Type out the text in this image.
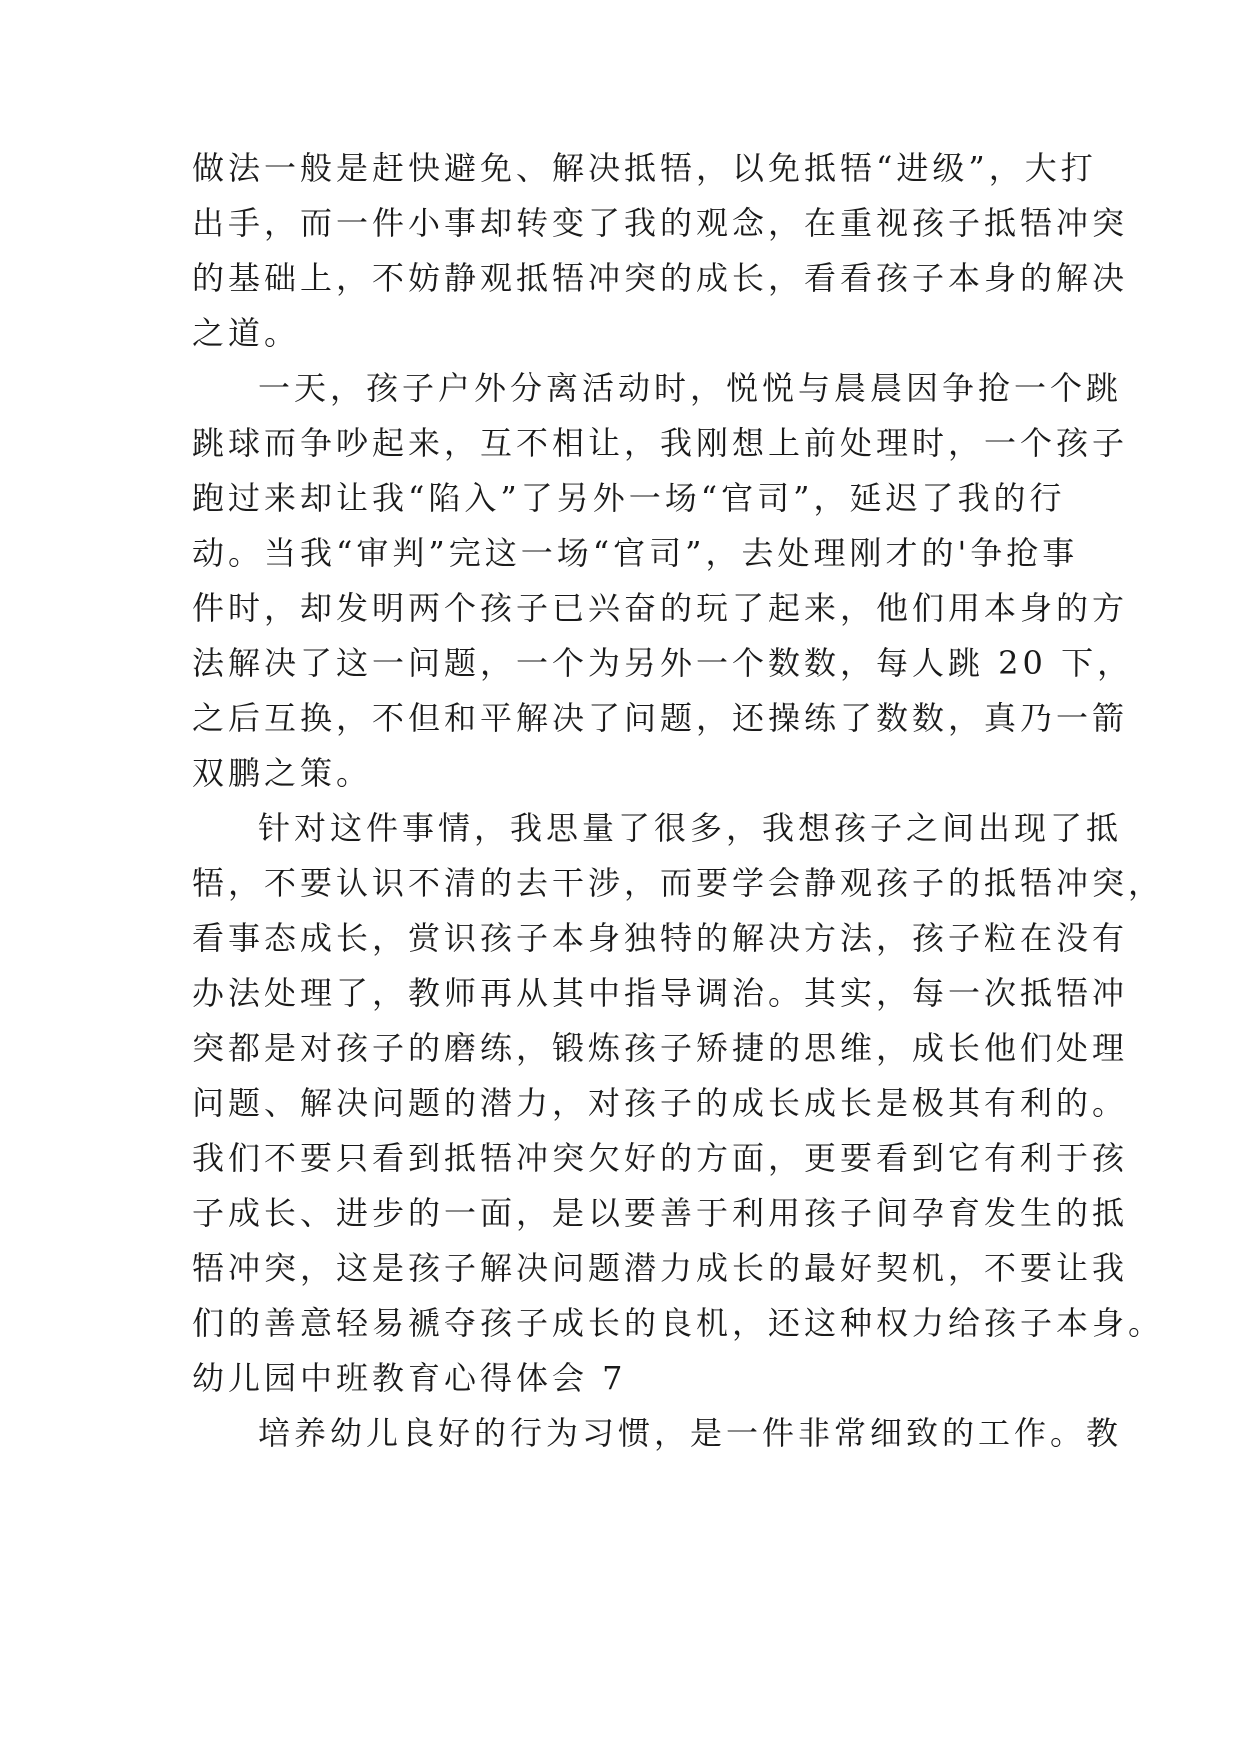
做法一般是赶快避免、解决抵牾，以免抵牾“进级”，大打
出手，而一件小事却转变了我的观念，在重视孩子抵牾冲突
的基础上，不妨静观抵牾冲突的成长，看看孩子本身的解决
之道。
一天，孩子户外分离活动时，悦悦与晨晨因争抢一个跳
跳球而争吵起来，互不相让，我刚想上前处理时，一个孩子
跑过来却让我“陷入”了另外一场“官司”，延迟了我的行
动。当我“审判”完这一场“官司”，去处理刚才的'争抢事
件时，却发明两个孩子已兴奋的玩了起来，他们用本身的方
法解决了这一问题，一个为另外一个数数，每人跳 20 下，
之后互换，不但和平解决了问题，还操练了数数，真乃一箭
双鹏之策。
针对这件事情，我思量了很多，我想孩子之间出现了抵
牾，不要认识不清的去干涉，而要学会静观孩子的抵牾冲突，
看事态成长，赏识孩子本身独特的解决方法，孩子粒在没有
办法处理了，教师再从其中指导调治。其实，每一次抵牾冲
突都是对孩子的磨练，锻炼孩子矫捷的思维，成长他们处理
问题、解决问题的潜力，对孩子的成长成长是极其有利的。
我们不要只看到抵牾冲突欠好的方面，更要看到它有利于孩
子成长、进步的一面，是以要善于利用孩子间孕育发生的抵
牾冲突，这是孩子解决问题潜力成长的最好契机，不要让我
们的善意轻易褫夺孩子成长的良机，还这种权力给孩子本身。
幼儿园中班教育心得体会 7
培养幼儿良好的行为习惯，是一件非常细致的工作。教
